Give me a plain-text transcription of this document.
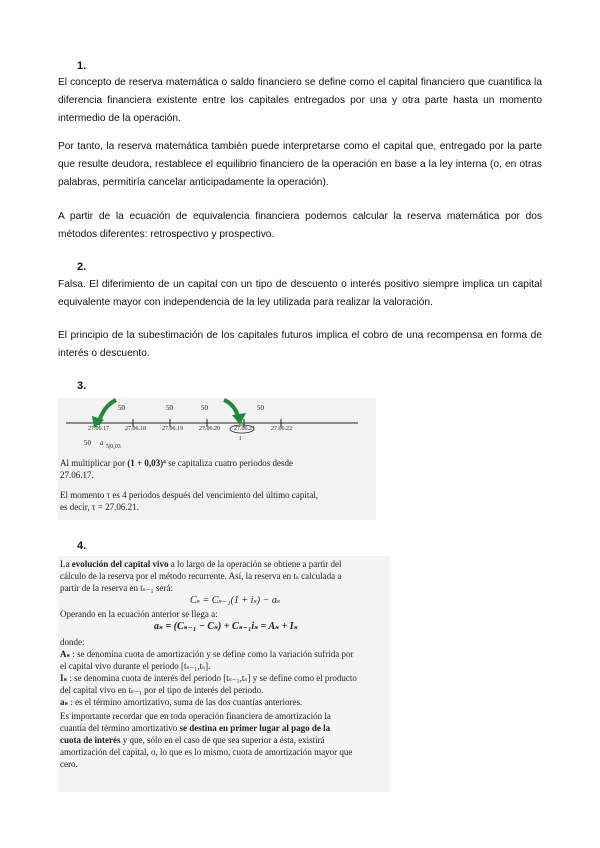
1.
El concepto de reserva matemática o saldo financiero se define como el capital financiero que cuantifica la diferencia financiera existente entre los capitales entregados por una y otra parte hasta un momento intermedio de la operación.
Por tanto, la reserva matemática también puede interpretarse como el capital que, entregado por la parte que resulte deudora, restablece el equilibrio financiero de la operación en base a la ley interna (o, en otras palabras, permitiría cancelar anticipadamente la operación).
A partir de la ecuación de equivalencia financiera podemos calcular la reserva matemática por dos métodos diferentes: retrospectivo y prospectivo.
2.
Falsa. El diferimiento de un capital con un tipo de descuento o interés positivo siempre implica un capital equivalente mayor con independencia de la ley utilizada para realizar la valoración.
El principio de la subestimación de los capitales futuros implica el cobro de una recompensa en forma de interés o descuento.
3.
50	50	50	50
27.06.17	27.06.18	27.06.19	27.06.20 27.06.21	27.06.22
τ
50 a 5|0,03
Al multiplicar por (1 + 0,03)⁴ se capitaliza cuatro periodos desde
27.06.17.
El momento τ es 4 periodos después del vencimiento del último capital,
es decir, τ = 27.06.21.
4.
La evolución del capital vivo a lo largo de la operación se obtiene a partir del
cálculo de la reserva por el método recurrente. Así, la reserva en tₛ calculada a
partir de la reserva en tₛ₋₁ será:
Cₛ = Cₛ₋₁(1 + iₛ) − aₛ
Operando en la ecuación anterior se llega a:
aₛ = (Cₛ₋₁ − Cₛ) + Cₛ₋₁iₛ = Aₛ + Iₛ
donde:
Aₛ : se denomina cuota de amortización y se define como la variación sufrida por
el capital vivo durante el periodo [tₛ₋₁,tₛ].
Iₛ : se denomina cuota de interés del periodo [tₛ₋₁,tₛ] y se define como el producto
del capital vivo en tₛ₋₁ por el tipo de interés del periodo.
aₛ : es el término amortizativo, suma de las dos cuantías anteriores.
Es importante recordar que en toda operación financiera de amortización la
cuantía del término amortizativo se destina en primer lugar al pago de la
cuota de interés y que, sólo en el caso de que sea superior a ésta, existirá
amortización del capital, o, lo que es lo mismo, cuota de amortización mayor que
cero.
